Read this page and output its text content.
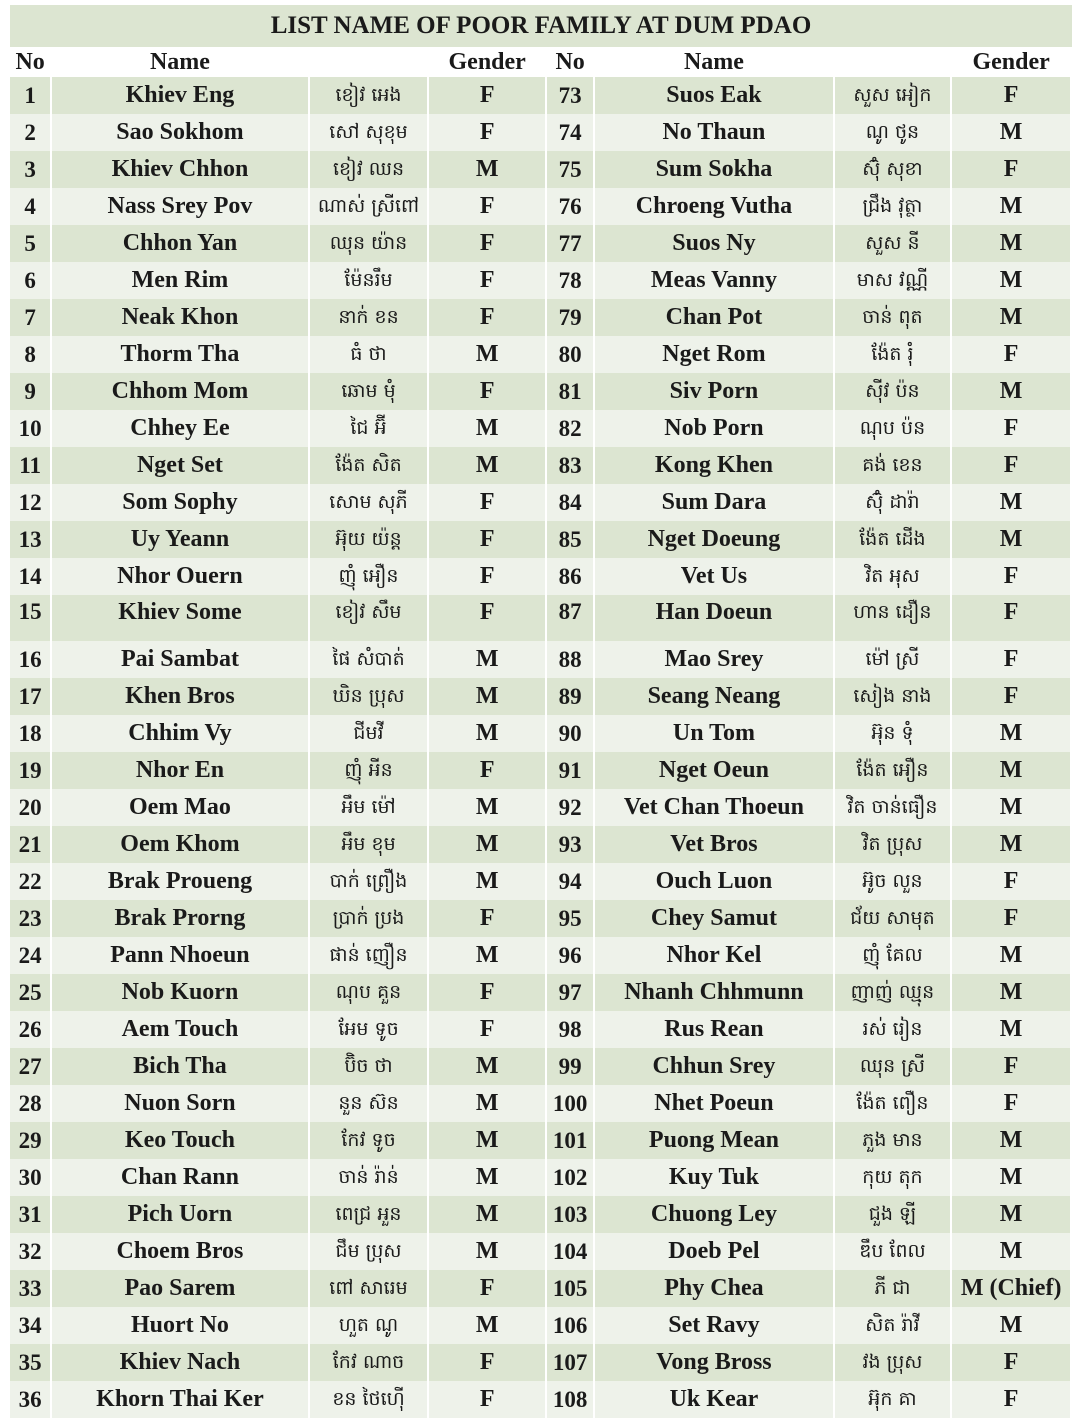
LIST NAME OF POOR FAMILY AT DUM PDAO
No	Name		Gender	No	Name		Gender
1	Khiev Eng	ខៀវ អេង	F	73	Suos Eak	សួស អៀក	F
2	Sao Sokhom	សៅ សុខុម	F	74	No Thaun	ណូ ថូន	M
3	Khiev Chhon	ខៀវ ឈន	M	75	Sum Sokha	ស៊ុំ សុខា	F
4	Nass Srey Pov	ណាស់ ស្រីពៅ	F	76	Chroeng Vutha	ជ្រឹង វុត្ថា	M
5	Chhon Yan	ឈុន យ៉ាន	F	77	Suos Ny	សួស នី	M
6	Men Rim	ម៉ែនរឹម	F	78	Meas Vanny	មាស វណ្ណី	M
7	Neak Khon	នាក់ ខន	F	79	Chan Pot	ចាន់ ពុត	M
8	Thorm Tha	ធំ ថា	M	80	Nget Rom	ង៉ែត រុំ	F
9	Chhom Mom	ឆោម មុំ	F	81	Siv Porn	ស៊ីវ ប៉ន	M
10	Chhey Ee	ជៃ អ៊ី	M	82	Nob Porn	ណុប ប៉ន	F
11	Nget Set	ង៉ែត សិត	M	83	Kong Khen	គង់ ខេន	F
12	Som Sophy	សោម សុភី	F	84	Sum Dara	ស៊ុំ ដារ៉ា	M
13	Uy Yeann	អ៊ុយ យ៉ន្ត	F	85	Nget Doeung	ង៉ែត ដើង	M
14	Nhor Ouern	ញ៉ំ អឿន	F	86	Vet Us	វិត អុស	F
15	Khiev Some	ខៀវ សឹម	F	87	Han Doeun	ហាន ដឿន	F
16	Pai Sambat	ផៃ សំបាត់	M	88	Mao Srey	ម៉ៅ ស្រី	F
17	Khen Bros	ឃិន ប្រុស	M	89	Seang Neang	សៀង នាង	F
18	Chhim Vy	ជីមវី	M	90	Un Tom	អ៊ុន ទុំ	M
19	Nhor En	ញ៉ំ អីន	F	91	Nget Oeun	ង៉ែត អឿន	M
20	Oem Mao	អឹម ម៉ៅ	M	92	Vet Chan Thoeun	វិត ចាន់ធឿន	M
21	Oem Khom	អឹម ខុម	M	93	Vet Bros	វិត ប្រុស	M
22	Brak Proueng	បាក់ ព្រឿង	M	94	Ouch Luon	អ៊ូច លួន	F
23	Brak Prorng	ប្រាក់ ប្រង	F	95	Chey Samut	ជ័យ សាមុត	F
24	Pann Nhoeun	ផាន់ ញឿន	M	96	Nhor Kel	ញ៉ំ គែល	M
25	Nob Kuorn	ណុប គួន	F	97	Nhanh Chhmunn	ញាញ់ ឈ្មុន	M
26	Aem Touch	អែម ទូច	F	98	Rus Rean	រស់ រៀន	M
27	Bich Tha	ប៊ិច ថា	M	99	Chhun Srey	ឈុន ស្រី	F
28	Nuon Sorn	នួន ស៊ន	M	100	Nhet Poeun	ង៉ែត ពឿន	F
29	Keo Touch	កែវ ទូច	M	101	Puong Mean	ភួង មាន	M
30	Chan Rann	ចាន់ រ៉ាន់	M	102	Kuy Tuk	កុយ តុក	M
31	Pich Uorn	ពេជ្រ អួន	M	103	Chuong Ley	ជួង ឡី	M
32	Choem Bros	ជឹម ប្រុស	M	104	Doeb Pel	ឌឹប ពែល	M
33	Pao Sarem	ពៅ សារេម	F	105	Phy Chea	ភី ជា	M (Chief)
34	Huort No	ហួត ណូ	M	106	Set Ravy	សិត រ៉ាវី	M
35	Khiev Nach	កែវ ណាច	F	107	Vong Bross	វង ប្រុស	F
36	Khorn Thai Ker	ខន ថៃហ៊ើ	F	108	Uk Kear	អ៊ុក គា	F
